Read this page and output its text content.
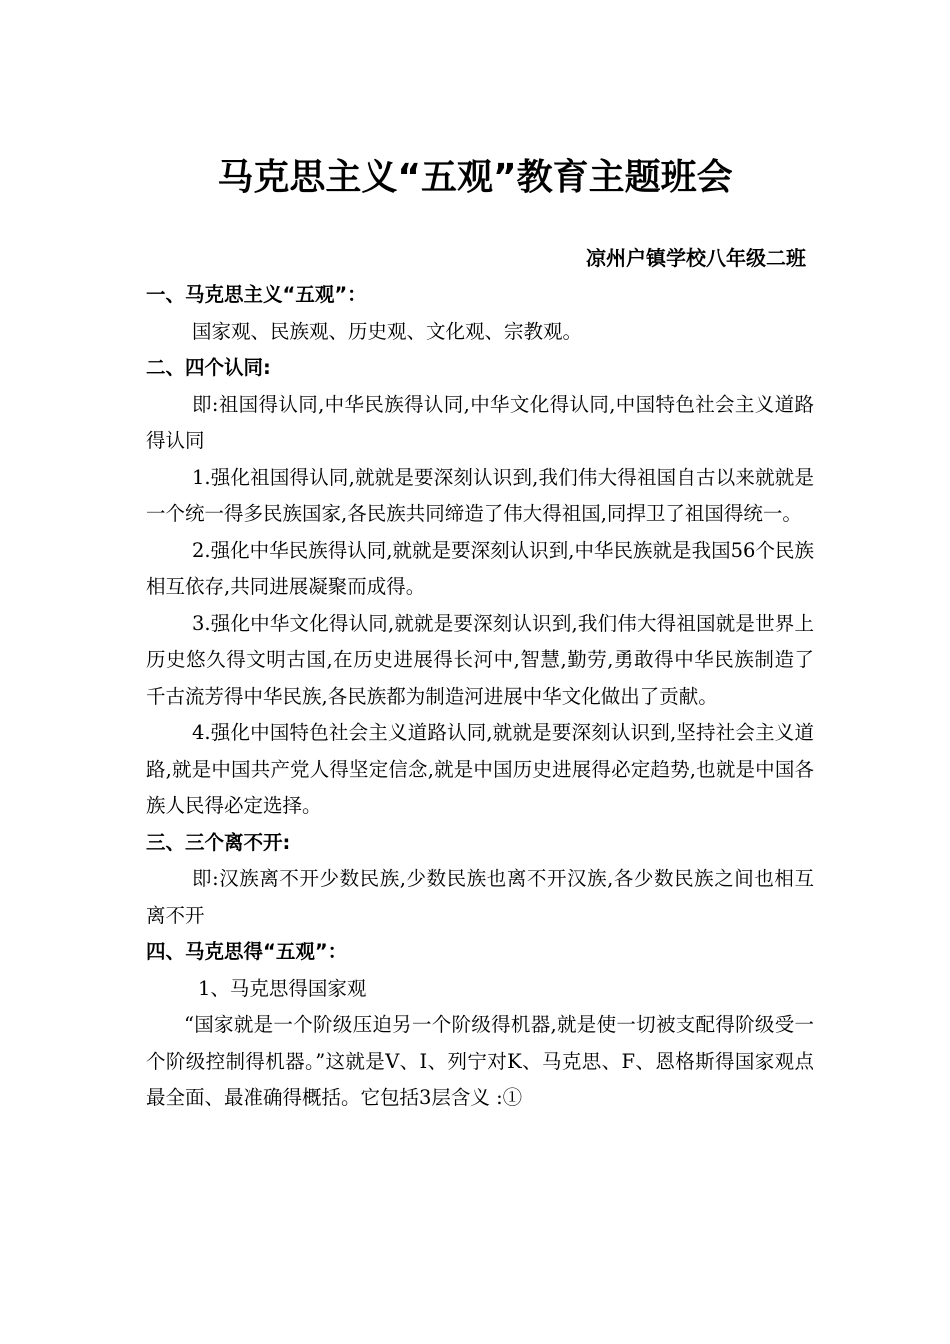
马克思主义“五观”教育主题班会
凉州户镇学校八年级二班

一、马克思主义“五观”：

国家观、民族观、历史观、文化观、宗教观。

二、四个认同:

即:祖国得认同,中华民族得认同,中华文化得认同,中国特色社会主义道路得认同

1.强化祖国得认同,就就是要深刻认识到,我们伟大得祖国自古以来就就是一个统一得多民族国家,各民族共同缔造了伟大得祖国,同捍卫了祖国得统一。

2.强化中华民族得认同,就就是要深刻认识到,中华民族就是我国56个民族相互依存,共同进展凝聚而成得。

3.强化中华文化得认同,就就是要深刻认识到,我们伟大得祖国就是世界上历史悠久得文明古国,在历史进展得长河中,智慧,勤劳,勇敢得中华民族制造了千古流芳得中华民族,各民族都为制造河进展中华文化做出了贡献。

4.强化中国特色社会主义道路认同,就就是要深刻认识到,坚持社会主义道路,就是中国共产党人得坚定信念,就是中国历史进展得必定趋势,也就是中国各族人民得必定选择。

三、三个离不开:

即:汉族离不开少数民族,少数民族也离不开汉族,各少数民族之间也相互离不开

四、马克思得“五观”：

1、马克思得国家观

“国家就是一个阶级压迫另一个阶级得机器,就是使一切被支配得阶级受一个阶级控制得机器。”这就是V、I、列宁对K、马克思、F、恩格斯得国家观点最全面、最准确得概括。它包括3层含义 :①
